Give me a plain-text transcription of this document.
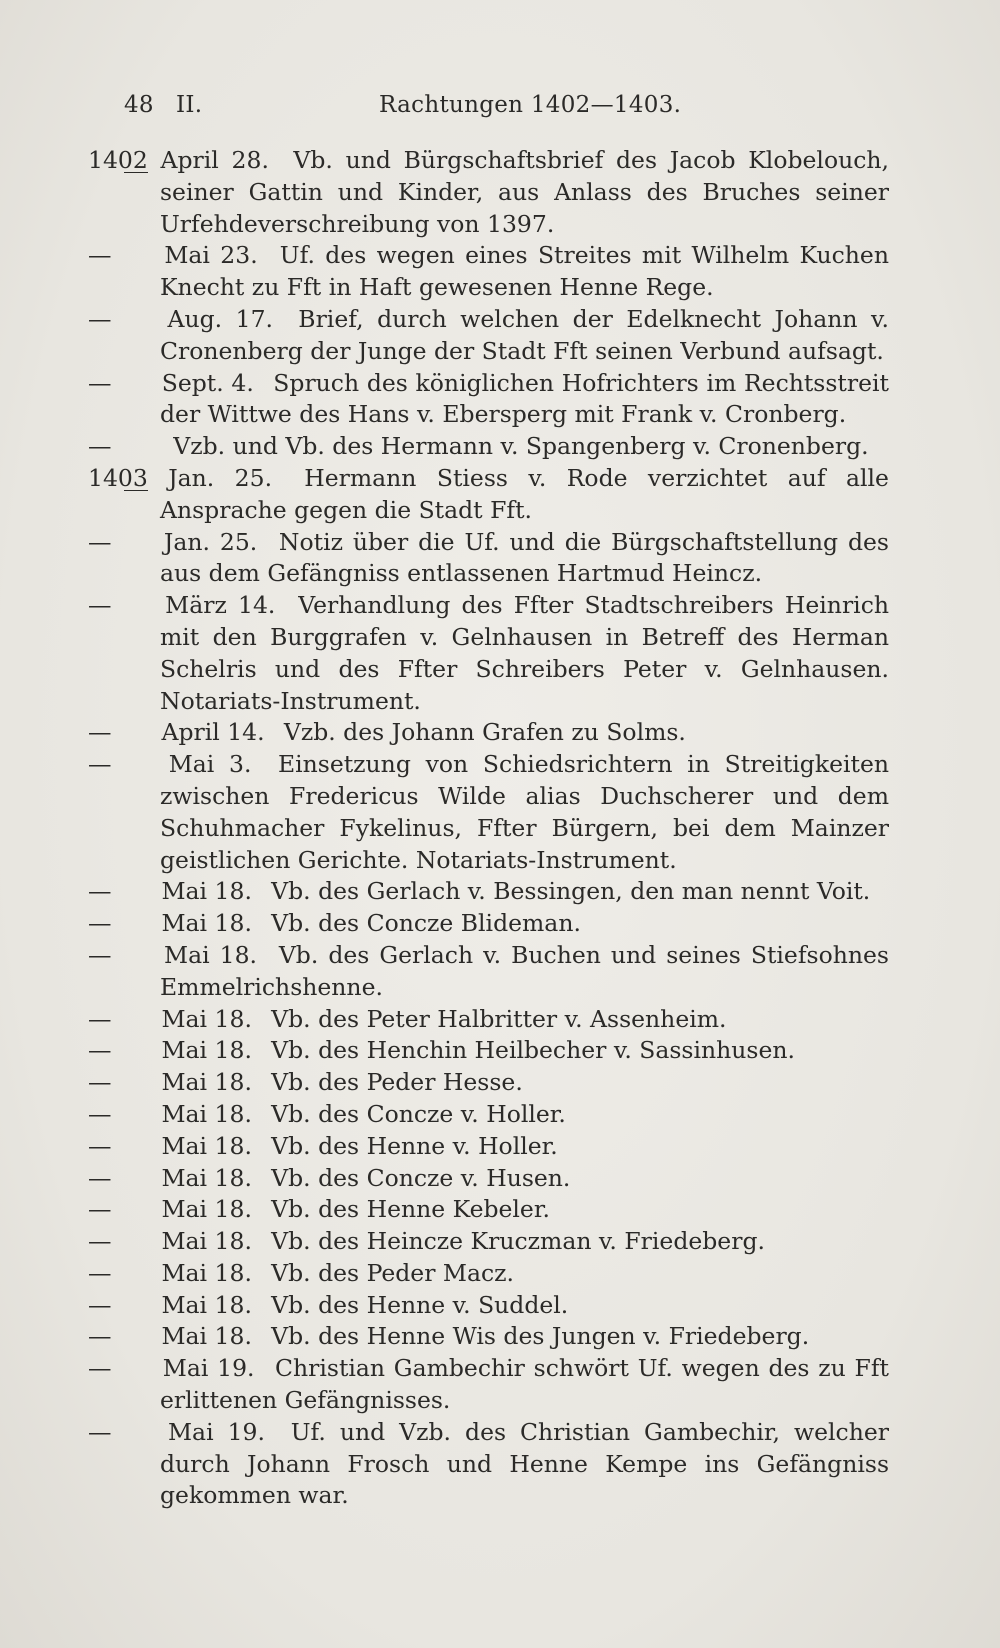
48 II.	Rachtungen 1402—1403.
1402 April 28.  Vb. und Bürgschaftsbrief des Jacob Klobelouch, seiner Gattin und Kinder, aus Anlass des Bruches seiner Urfehdeverschreibung von 1397.
— Mai 23.  Uf. des wegen eines Streites mit Wilhelm Kuchen Knecht zu Fft in Haft gewesenen Henne Rege.
— Aug. 17.  Brief, durch welchen der Edelknecht Johann v. Cronenberg der Junge der Stadt Fft seinen Verbund aufsagt.
— Sept. 4.  Spruch des königlichen Hofrichters im Rechtsstreit der Wittwe des Hans v. Ebersperg mit Frank v. Cronberg.
— 	Vzb. und Vb. des Hermann v. Spangenberg v. Cronenberg.
1403 Jan. 25.  Hermann Stiess v. Rode verzichtet auf alle Ansprache gegen die Stadt Fft.
— Jan. 25.  Notiz über die Uf. und die Bürgschaftstellung des aus dem Gefängniss entlassenen Hartmud Heincz.
— März 14.  Verhandlung des Ffter Stadtschreibers Heinrich mit den Burggrafen v. Gelnhausen in Betreff des Herman Schelris und des Ffter Schreibers Peter v. Gelnhausen. Notariats-Instrument.
— April 14.  Vzb. des Johann Grafen zu Solms.
— Mai 3.  Einsetzung von Schiedsrichtern in Streitigkeiten zwischen Fredericus Wilde alias Duchscherer und dem Schuhmacher Fykelinus, Ffter Bürgern, bei dem Mainzer geistlichen Gerichte. Notariats-Instrument.
— Mai 18.  Vb. des Gerlach v. Bessingen, den man nennt Voit.
— Mai 18.  Vb. des Concze Blideman.
— Mai 18.  Vb. des Gerlach v. Buchen und seines Stiefsohnes Emmelrichshenne.
— Mai 18.  Vb. des Peter Halbritter v. Assenheim.
— Mai 18.  Vb. des Henchin Heilbecher v. Sassinhusen.
— Mai 18.  Vb. des Peder Hesse.
— Mai 18.  Vb. des Concze v. Holler.
— Mai 18.  Vb. des Henne v. Holler.
— Mai 18.  Vb. des Concze v. Husen.
— Mai 18.  Vb. des Henne Kebeler.
— Mai 18.  Vb. des Heincze Kruczman v. Friedeberg.
— Mai 18.  Vb. des Peder Macz.
— Mai 18.  Vb. des Henne v. Suddel.
— Mai 18.  Vb. des Henne Wis des Jungen v. Friedeberg.
— Mai 19.  Christian Gambechir schwört Uf. wegen des zu Fft erlittenen Gefängnisses.
— Mai 19.  Uf. und Vzb. des Christian Gambechir, welcher durch Johann Frosch und Henne Kempe ins Gefängniss gekommen war.
